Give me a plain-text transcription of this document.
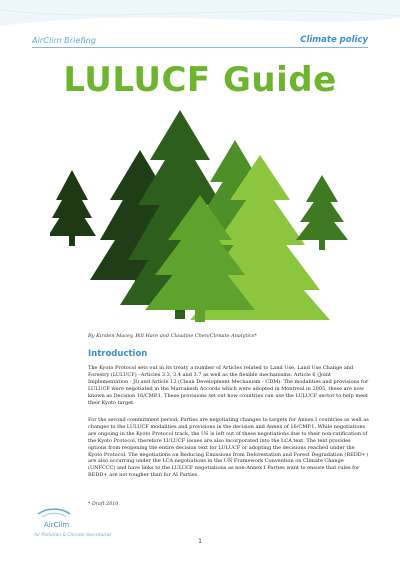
AirClim Briefing	Climate policy
LULUCF Guide
By Kirsten Macey, Bill Hare and Claudine Chen/Climate Analytics*
Introduction

The Kyoto Protocol sets out in its treaty a number of Articles related to Land Use, Land Use Change and Forestry (LULUCF) –Articles 3.3, 3.4 and 3.7 as well as the flexible mechanisms: Article 6 (Joint Implementation - JI) and Article 12 (Clean Development Mechanism - CDM). The modalities and provisions for LULUCF were negotiated in the Marrakesh Accords which were adopted in Montreal in 2005, these are now known as Decision 16/CMP.1. These provisions set out how countries can use the LULUCF sector to help meet their Kyoto target.

For the second commitment period, Parties are negotiating changes to targets for Annex I countries as well as changes to the LULUCF modalities and provisions in the decision and Annex of 16/CMP.1. While negotiations are ongoing in the Kyoto Protocol track, the US is left out of these negotiations due to their non-ratification of the Kyoto Protocol, therefore LULUCF issues are also incorporated into the LCA text. The text provides options from reopening the entire decision text for LULUCF or adopting the decisions reached under the Kyoto Protocol. The negotiations on Reducing Emissions from Deforestation and Forest Degradation (REDD+) are also occurring under the LCA negotiations in the UN Framework Convention on Climate Change (UNFCCC) and have links to the LULUCF negotiations as non-Annex I Parties want to ensure that rules for REDD+ are not tougher than for AI Parties.

* Draft 2010
AirClim
Air Pollution & Climate Secretariat
1
